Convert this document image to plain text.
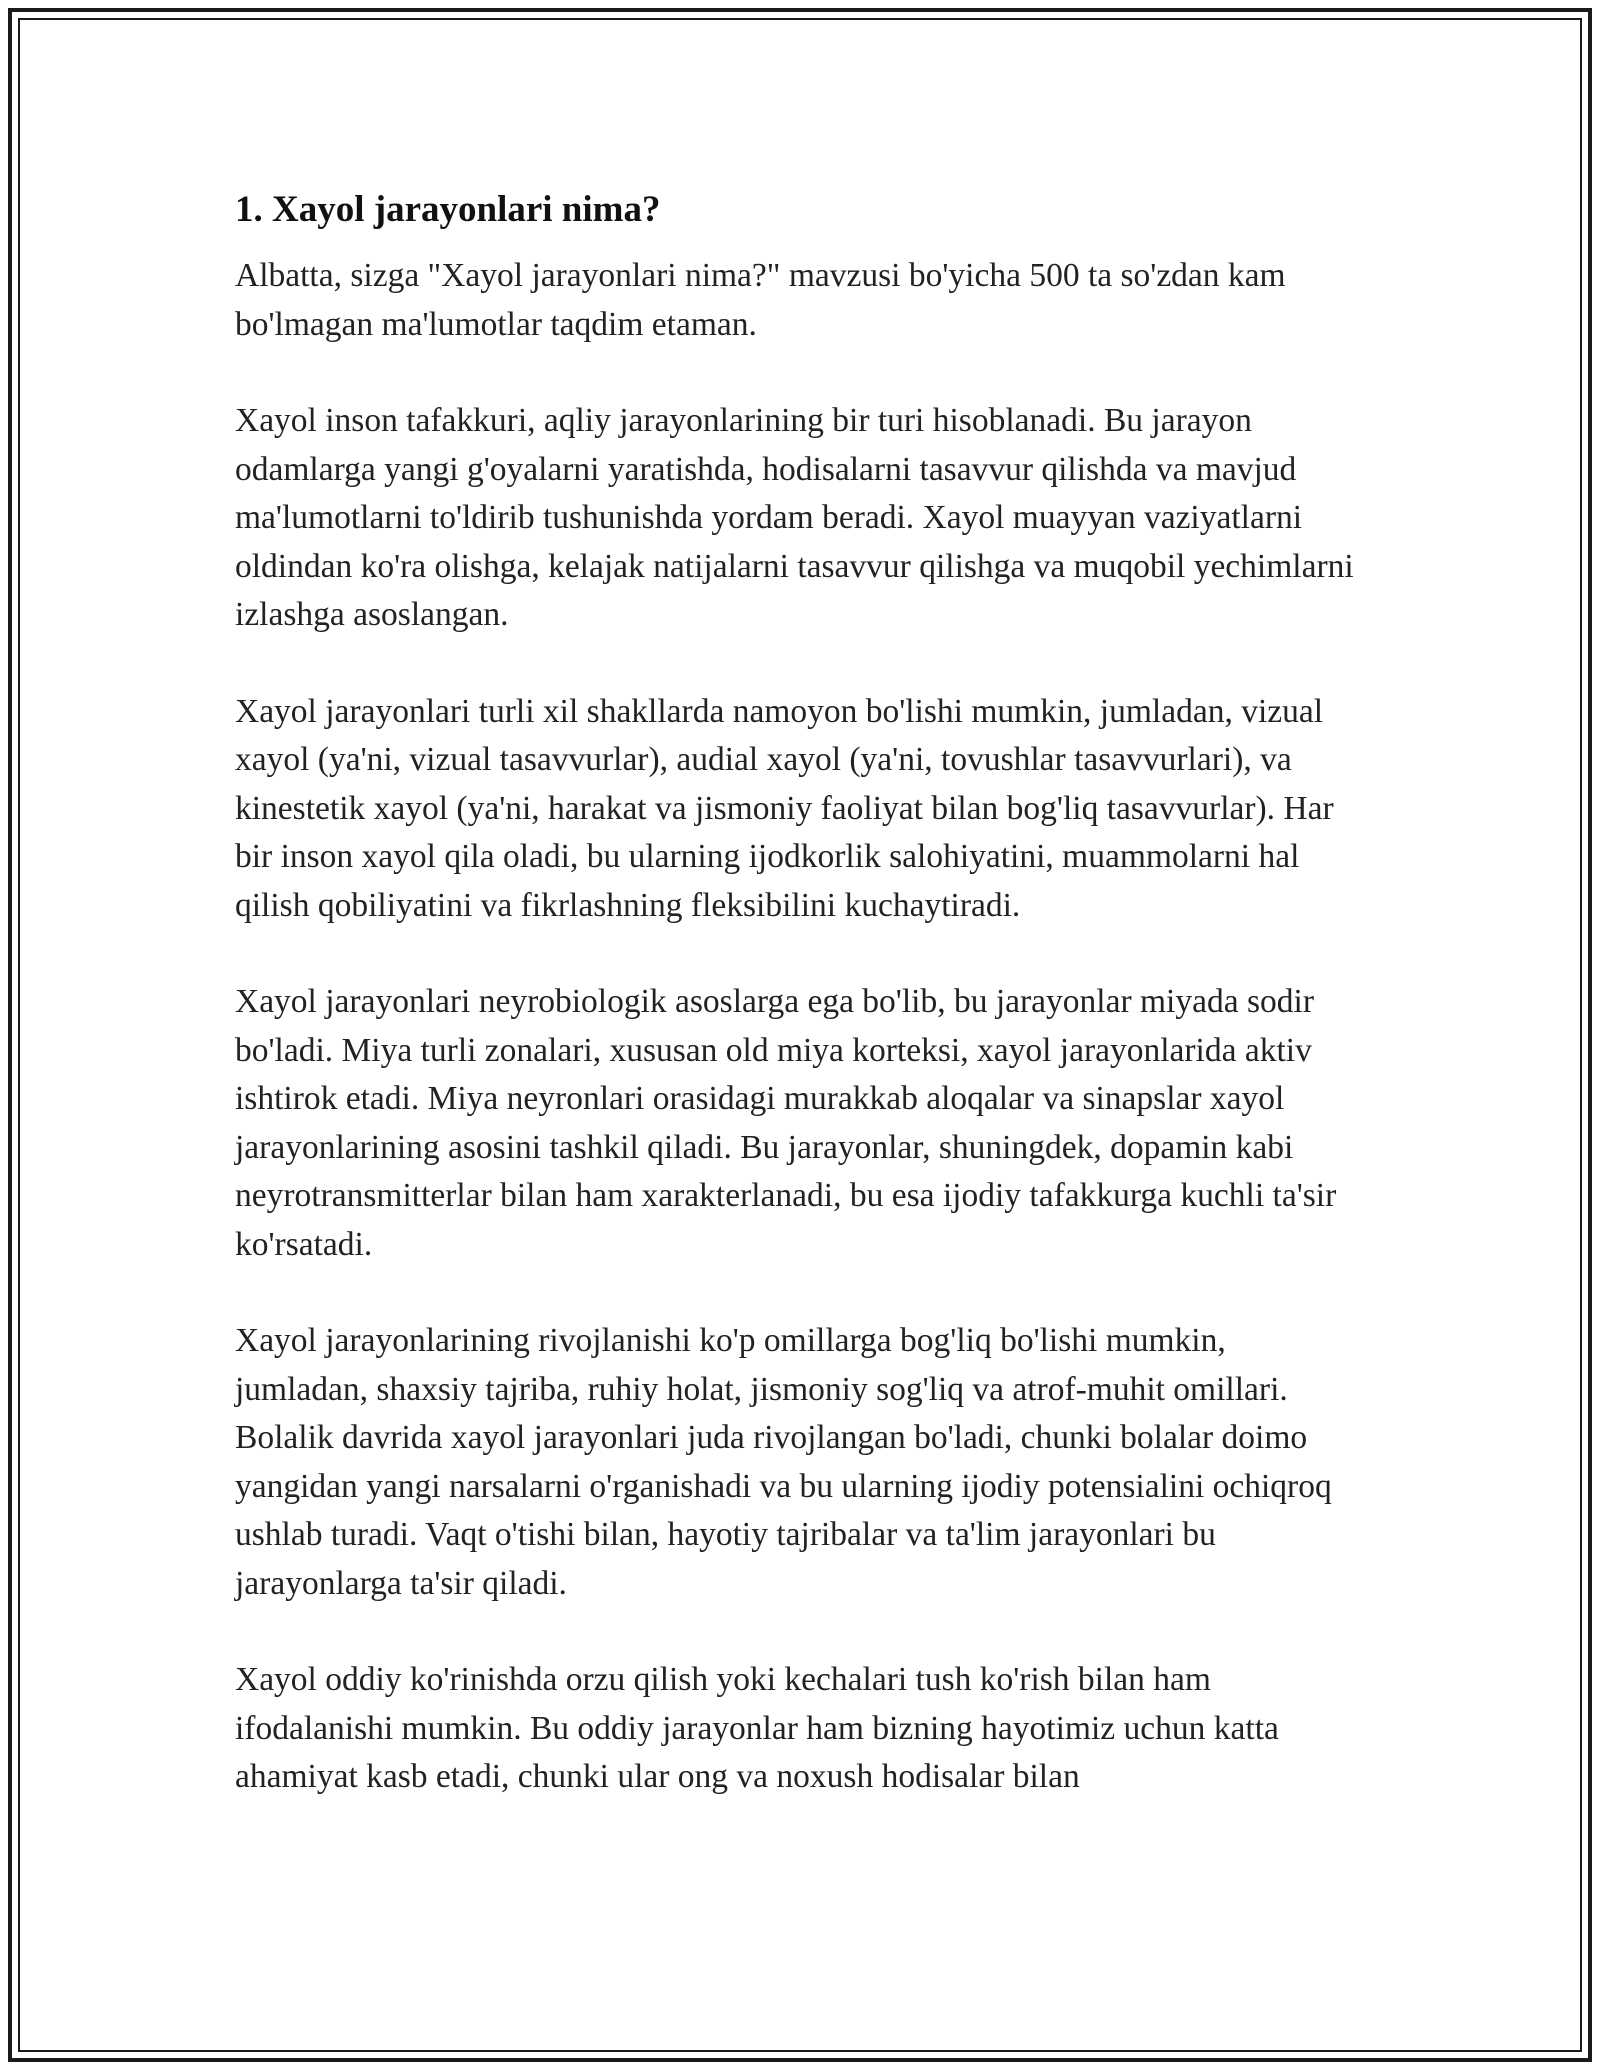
1. Xayol jarayonlari nima?

Albatta, sizga "Xayol jarayonlari nima?" mavzusi bo'yicha 500 ta so'zdan kam bo'lmagan ma'lumotlar taqdim etaman.

Xayol inson tafakkuri, aqliy jarayonlarining bir turi hisoblanadi. Bu jarayon odamlarga yangi g'oyalarni yaratishda, hodisalarni tasavvur qilishda va mavjud ma'lumotlarni to'ldirib tushunishda yordam beradi. Xayol muayyan vaziyatlarni oldindan ko'ra olishga, kelajak natijalarni tasavvur qilishga va muqobil yechimlarni izlashga asoslangan.

Xayol jarayonlari turli xil shakllarda namoyon bo'lishi mumkin, jumladan, vizual xayol (ya'ni, vizual tasavvurlar), audial xayol (ya'ni, tovushlar tasavvurlari), va kinestetik xayol (ya'ni, harakat va jismoniy faoliyat bilan bog'liq tasavvurlar). Har bir inson xayol qila oladi, bu ularning ijodkorlik salohiyatini, muammolarni hal qilish qobiliyatini va fikrlashning fleksibilini kuchaytiradi.

Xayol jarayonlari neyrobiologik asoslarga ega bo'lib, bu jarayonlar miyada sodir bo'ladi. Miya turli zonalari, xususan old miya korteksi, xayol jarayonlarida aktiv ishtirok etadi. Miya neyronlari orasidagi murakkab aloqalar va sinapslar xayol jarayonlarining asosini tashkil qiladi. Bu jarayonlar, shuningdek, dopamin kabi neyrotransmitterlar bilan ham xarakterlanadi, bu esa ijodiy tafakkurga kuchli ta'sir ko'rsatadi.

Xayol jarayonlarining rivojlanishi ko'p omillarga bog'liq bo'lishi mumkin, jumladan, shaxsiy tajriba, ruhiy holat, jismoniy sog'liq va atrof-muhit omillari. Bolalik davrida xayol jarayonlari juda rivojlangan bo'ladi, chunki bolalar doimo yangidan yangi narsalarni o'rganishadi va bu ularning ijodiy potensialini ochiqroq ushlab turadi. Vaqt o'tishi bilan, hayotiy tajribalar va ta'lim jarayonlari bu jarayonlarga ta'sir qiladi.

Xayol oddiy ko'rinishda orzu qilish yoki kechalari tush ko'rish bilan ham ifodalanishi mumkin. Bu oddiy jarayonlar ham bizning hayotimiz uchun katta ahamiyat kasb etadi, chunki ular ong va noxush hodisalar bilan
